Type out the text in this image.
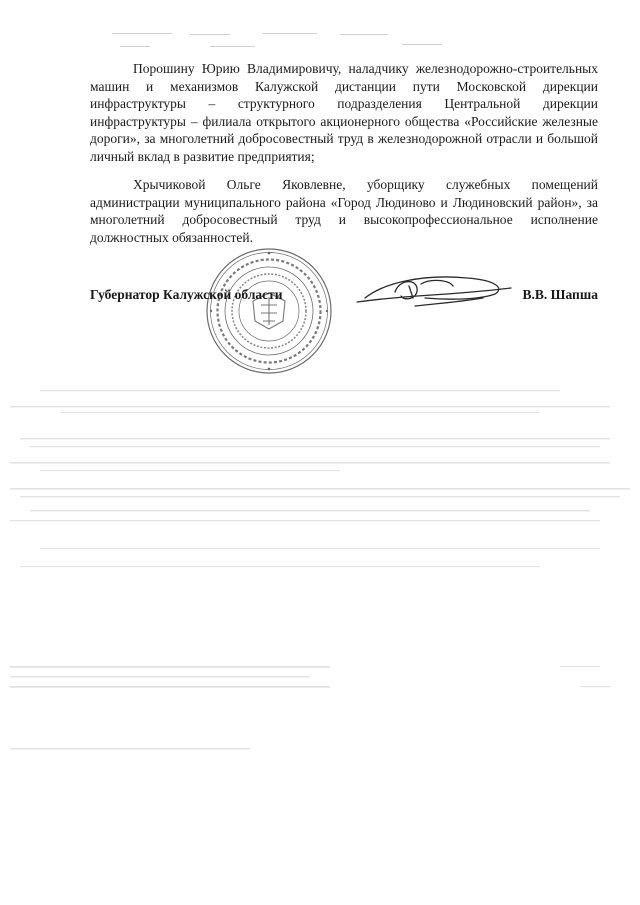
Порошину Юрию Владимировичу, наладчику железнодорожно-строительных машин и механизмов Калужской дистанции пути Московской дирекции инфраструктуры – структурного подразделения Центральной дирекции инфраструктуры – филиала открытого акционерного общества «Российские железные дороги», за многолетний добросовестный труд в железнодорожной отрасли и большой личный вклад в развитие предприятия;

Хрычиковой Ольге Яковлевне, уборщику служебных помещений администрации муниципального района «Город Людиново и Людиновский район», за многолетний добросовестный труд и высокопрофессиональное исполнение должностных обязанностей.

Губернатор Калужской области	В.В. Шапша
